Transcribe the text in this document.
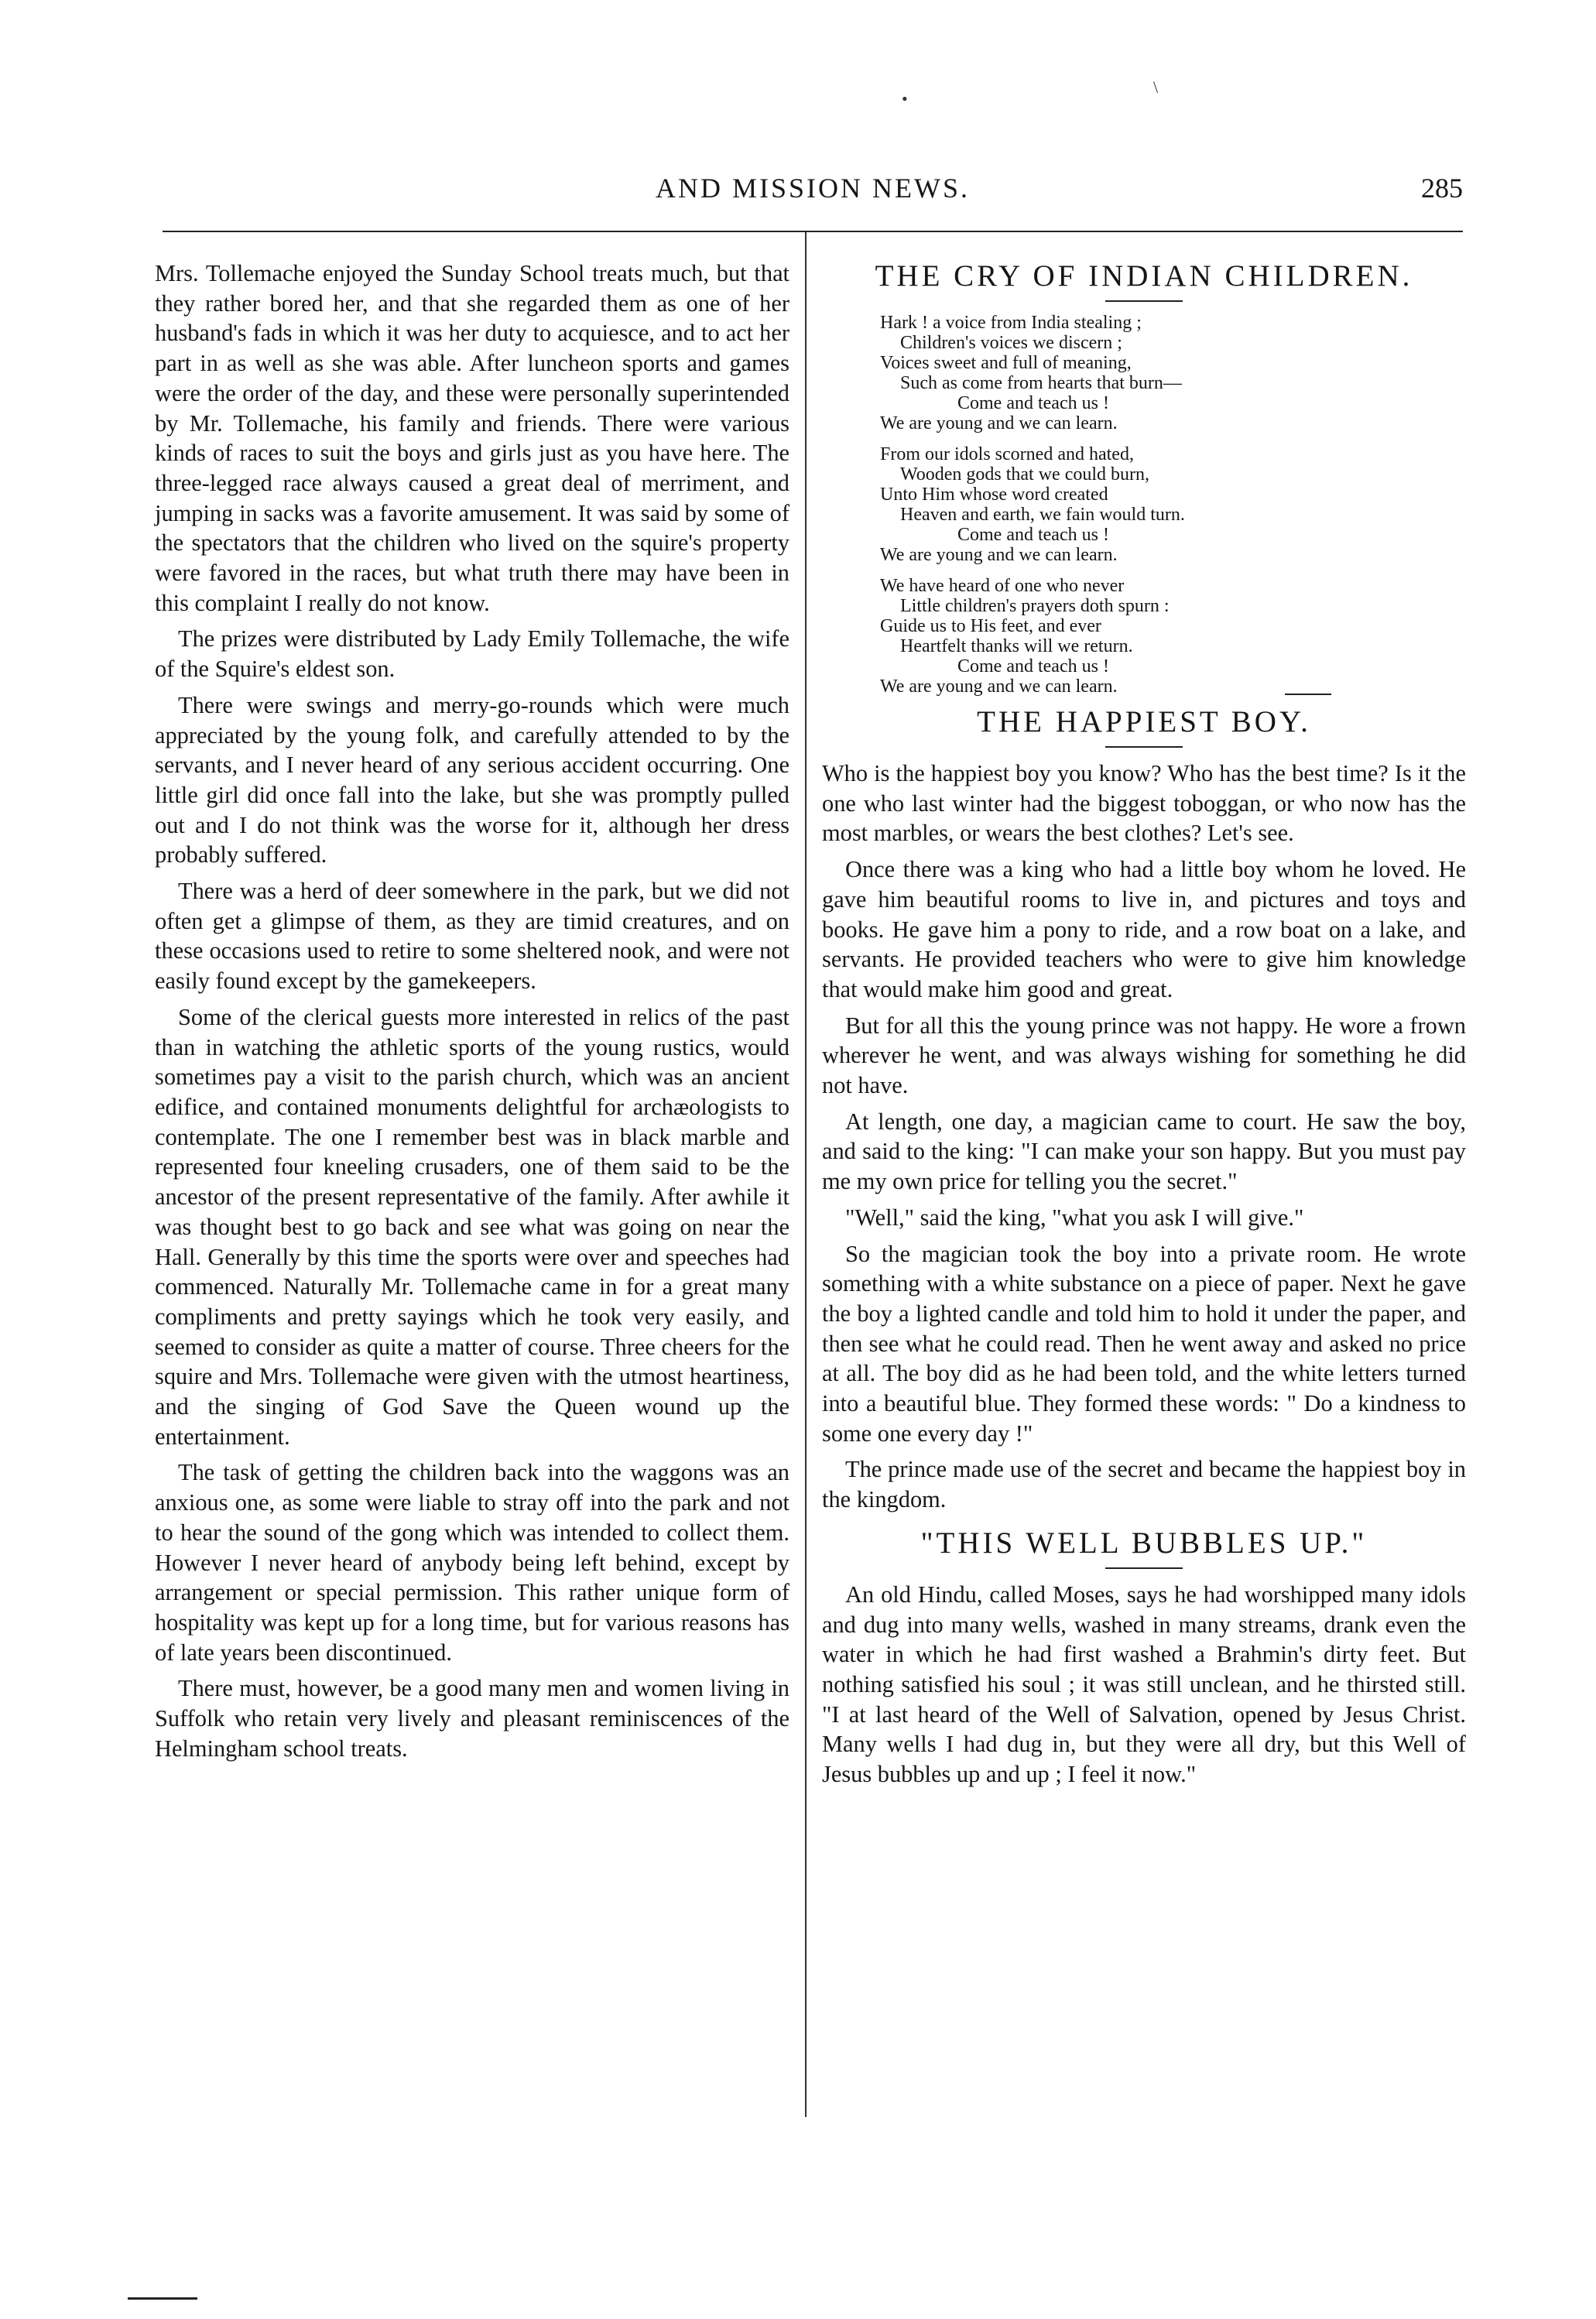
•
\
AND MISSION NEWS.	285

Mrs. Tollemache enjoyed the Sunday School treats much, but that they rather bored her, and that she regarded them as one of her husband's fads in which it was her duty to acquiesce, and to act her part in as well as she was able. After luncheon sports and games were the order of the day, and these were personally superintended by Mr. Tollemache, his family and friends. There were various kinds of races to suit the boys and girls just as you have here. The three-legged race always caused a great deal of merriment, and jumping in sacks was a favorite amusement. It was said by some of the spectators that the children who lived on the squire's property were favored in the races, but what truth there may have been in this complaint I really do not know.

The prizes were distributed by Lady Emily Tollemache, the wife of the Squire's eldest son.

There were swings and merry-go-rounds which were much appreciated by the young folk, and carefully attended to by the servants, and I never heard of any serious accident occurring. One little girl did once fall into the lake, but she was promptly pulled out and I do not think was the worse for it, although her dress probably suffered.

There was a herd of deer somewhere in the park, but we did not often get a glimpse of them, as they are timid creatures, and on these occasions used to retire to some sheltered nook, and were not easily found except by the gamekeepers.

Some of the clerical guests more interested in relics of the past than in watching the athletic sports of the young rustics, would sometimes pay a visit to the parish church, which was an ancient edifice, and contained monuments delightful for archæologists to contemplate. The one I remember best was in black marble and represented four kneeling crusaders, one of them said to be the ancestor of the present representative of the family. After awhile it was thought best to go back and see what was going on near the Hall. Generally by this time the sports were over and speeches had commenced. Naturally Mr. Tollemache came in for a great many compliments and pretty sayings which he took very easily, and seemed to consider as quite a matter of course. Three cheers for the squire and Mrs. Tollemache were given with the utmost heartiness, and the singing of God Save the Queen wound up the entertainment.

The task of getting the children back into the waggons was an anxious one, as some were liable to stray off into the park and not to hear the sound of the gong which was intended to collect them. However I never heard of anybody being left behind, except by arrangement or special permission. This rather unique form of hospitality was kept up for a long time, but for various reasons has of late years been discontinued.

There must, however, be a good many men and women living in Suffolk who retain very lively and pleasant reminiscences of the Helmingham school treats.

THE CRY OF INDIAN CHILDREN.
Hark ! a voice from India stealing ;
Children's voices we discern ;
Voices sweet and full of meaning,
Such as come from hearts that burn—
Come and teach us !
We are young and we can learn.
From our idols scorned and hated,
Wooden gods that we could burn,
Unto Him whose word created
Heaven and earth, we fain would turn.
Come and teach us !
We are young and we can learn.
We have heard of one who never
Little children's prayers doth spurn :
Guide us to His feet, and ever
Heartfelt thanks will we return.
Come and teach us !
We are young and we can learn.
THE HAPPIEST BOY.

Who is the happiest boy you know? Who has the best time? Is it the one who last winter had the biggest toboggan, or who now has the most marbles, or wears the best clothes? Let's see.

Once there was a king who had a little boy whom he loved. He gave him beautiful rooms to live in, and pictures and toys and books. He gave him a pony to ride, and a row boat on a lake, and servants. He provided teachers who were to give him knowledge that would make him good and great.

But for all this the young prince was not happy. He wore a frown wherever he went, and was always wishing for something he did not have.

At length, one day, a magician came to court. He saw the boy, and said to the king: "I can make your son happy. But you must pay me my own price for telling you the secret."

"Well," said the king, "what you ask I will give."

So the magician took the boy into a private room. He wrote something with a white substance on a piece of paper. Next he gave the boy a lighted candle and told him to hold it under the paper, and then see what he could read. Then he went away and asked no price at all. The boy did as he had been told, and the white letters turned into a beautiful blue. They formed these words: " Do a kindness to some one every day !"

The prince made use of the secret and became the happiest boy in the kingdom.

"THIS WELL BUBBLES UP."

An old Hindu, called Moses, says he had worshipped many idols and dug into many wells, washed in many streams, drank even the water in which he had first washed a Brahmin's dirty feet. But nothing satisfied his soul ; it was still unclean, and he thirsted still. "I at last heard of the Well of Salvation, opened by Jesus Christ. Many wells I had dug in, but they were all dry, but this Well of Jesus bubbles up and up ; I feel it now."
